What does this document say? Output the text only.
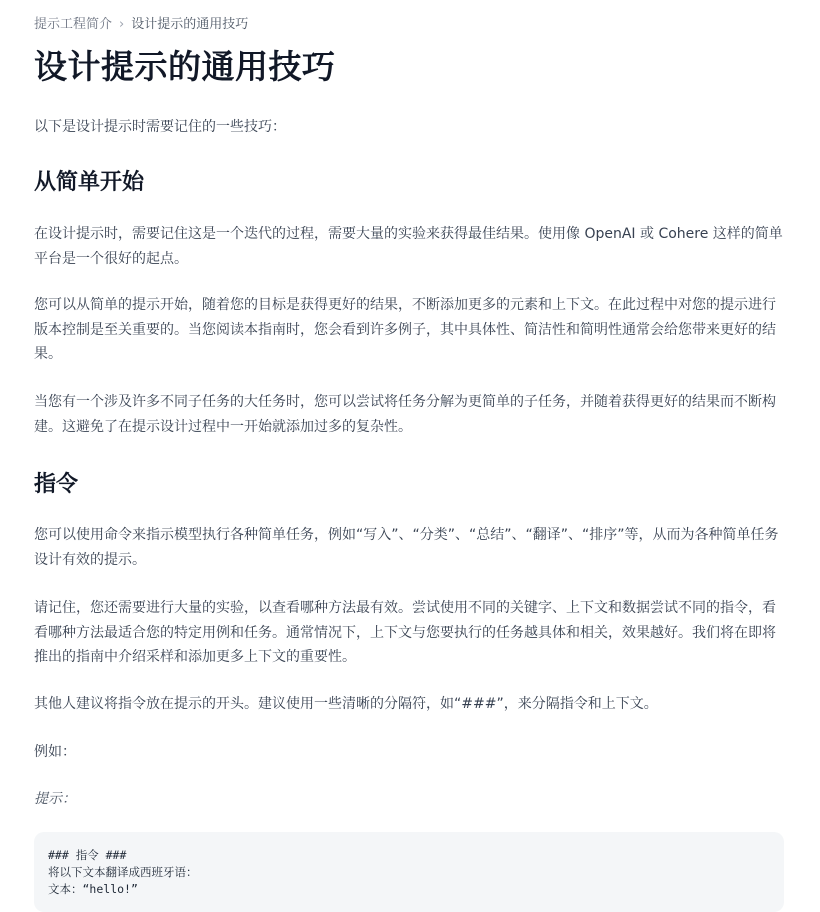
提示工程简介 › 设计提示的通用技巧
设计提示的通用技巧

以下是设计提示时需要记住的一些技巧：

从简单开始

在设计提示时，需要记住这是一个迭代的过程，需要大量的实验来获得最佳结果。使用像 OpenAI 或 Cohere 这样的简单平台是一个很好的起点。

您可以从简单的提示开始，随着您的目标是获得更好的结果，不断添加更多的元素和上下文。在此过程中对您的提示进行版本控制是至关重要的。当您阅读本指南时，您会看到许多例子，其中具体性、简洁性和简明性通常会给您带来更好的结果。

当您有一个涉及许多不同子任务的大任务时，您可以尝试将任务分解为更简单的子任务，并随着获得更好的结果而不断构建。这避免了在提示设计过程中一开始就添加过多的复杂性。

指令

您可以使用命令来指示模型执行各种简单任务，例如“写入”、“分类”、“总结”、“翻译”、“排序”等，从而为各种简单任务设计有效的提示。

请记住，您还需要进行大量的实验，以查看哪种方法最有效。尝试使用不同的关键字、上下文和数据尝试不同的指令，看看哪种方法最适合您的特定用例和任务。通常情况下，上下文与您要执行的任务越具体和相关，效果越好。我们将在即将推出的指南中介绍采样和添加更多上下文的重要性。

其他人建议将指令放在提示的开头。建议使用一些清晰的分隔符，如“###”，来分隔指令和上下文。

例如：

提示：

### 指令 ###
将以下文本翻译成西班牙语：
文本：“hello!”
